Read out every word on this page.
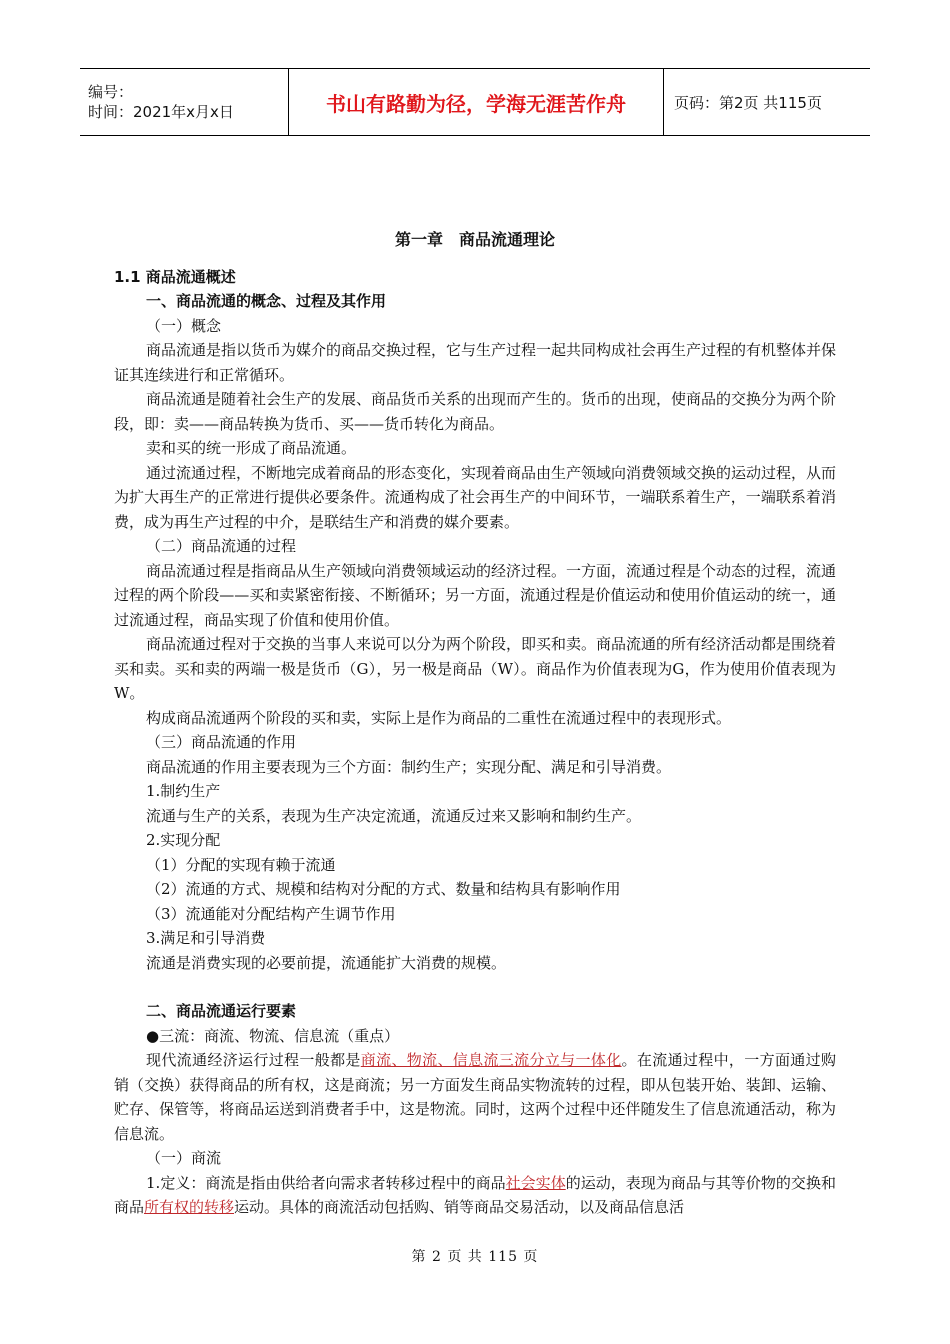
编号：
时间：2021年x月x日	书山有路勤为径，学海无涯苦作舟	页码：第2页 共115页

第一章　商品流通理论

1.1 商品流通概述

一、商品流通的概念、过程及其作用

（一）概念

商品流通是指以货币为媒介的商品交换过程，它与生产过程一起共同构成社会再生产过程的有机整体并保证其连续进行和正常循环。

商品流通是随着社会生产的发展、商品货币关系的出现而产生的。货币的出现，使商品的交换分为两个阶段，即：卖——商品转换为货币、买——货币转化为商品。

卖和买的统一形成了商品流通。

通过流通过程，不断地完成着商品的形态变化，实现着商品由生产领域向消费领域交换的运动过程，从而为扩大再生产的正常进行提供必要条件。流通构成了社会再生产的中间环节，一端联系着生产，一端联系着消费，成为再生产过程的中介，是联结生产和消费的媒介要素。

（二）商品流通的过程

商品流通过程是指商品从生产领域向消费领域运动的经济过程。一方面，流通过程是个动态的过程，流通过程的两个阶段——买和卖紧密衔接、不断循环；另一方面，流通过程是价值运动和使用价值运动的统一，通过流通过程，商品实现了价值和使用价值。

商品流通过程对于交换的当事人来说可以分为两个阶段，即买和卖。商品流通的所有经济活动都是围绕着买和卖。买和卖的两端一极是货币（G），另一极是商品（W）。商品作为价值表现为G，作为使用价值表现为W。

构成商品流通两个阶段的买和卖，实际上是作为商品的二重性在流通过程中的表现形式。

（三）商品流通的作用

商品流通的作用主要表现为三个方面：制约生产；实现分配、满足和引导消费。

1.制约生产

流通与生产的关系，表现为生产决定流通，流通反过来又影响和制约生产。

2.实现分配

（1）分配的实现有赖于流通

（2）流通的方式、规模和结构对分配的方式、数量和结构具有影响作用

（3）流通能对分配结构产生调节作用

3.满足和引导消费

流通是消费实现的必要前提，流通能扩大消费的规模。

二、商品流通运行要素

●三流：商流、物流、信息流（重点）

现代流通经济运行过程一般都是商流、物流、信息流三流分立与一体化。在流通过程中，一方面通过购销（交换）获得商品的所有权，这是商流；另一方面发生商品实物流转的过程，即从包装开始、装卸、运输、贮存、保管等，将商品运送到消费者手中，这是物流。同时，这两个过程中还伴随发生了信息流通活动，称为信息流。

（一）商流

1.定义：商流是指由供给者向需求者转移过程中的商品社会实体的运动，表现为商品与其等价物的交换和商品所有权的转移运动。具体的商流活动包括购、销等商品交易活动，以及商品信息活

第 2 页 共 115 页
